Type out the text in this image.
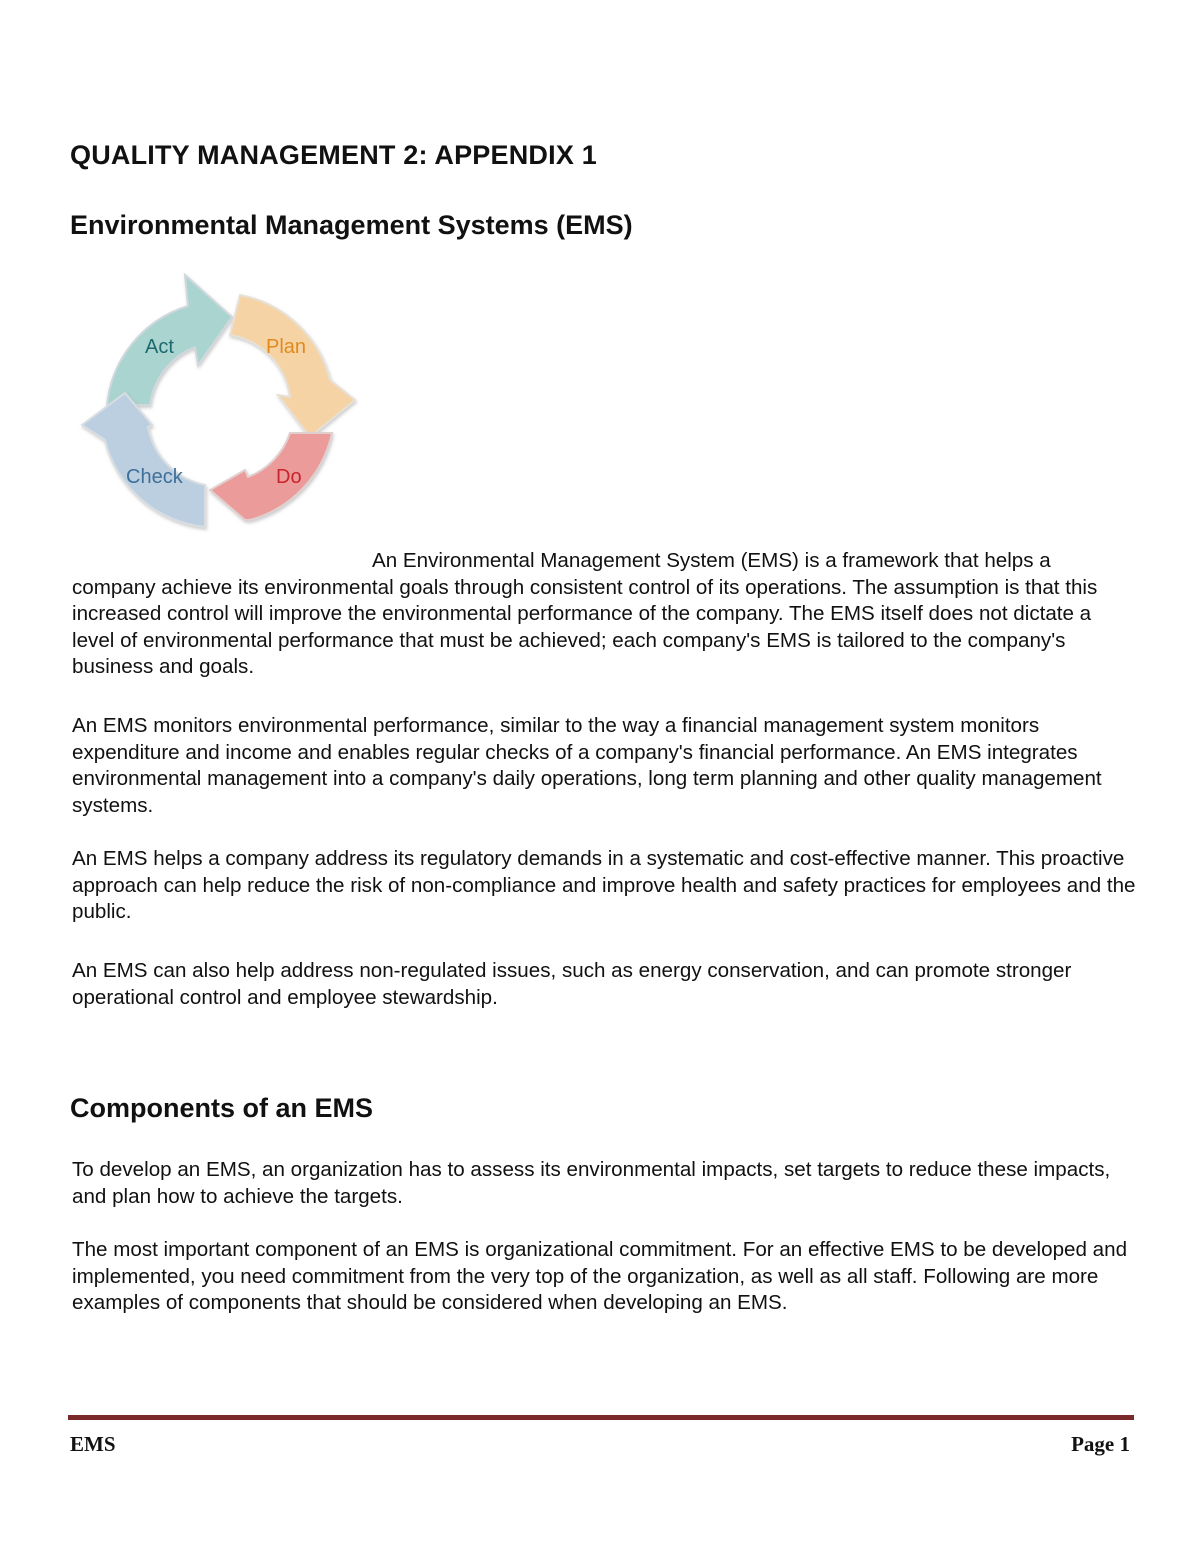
QUALITY MANAGEMENT 2: APPENDIX 1
Environmental Management Systems (EMS)
Act	Plan
Do
Check

An Environmental Management System (EMS) is a framework that helps a company achieve its environmental goals through consistent control of its operations. The assumption is that this increased control will improve the environmental performance of the company. The EMS itself does not dictate a level of environmental performance that must be achieved; each company's EMS is tailored to the company's business and goals.

An EMS monitors environmental performance, similar to the way a financial management system monitors expenditure and income and enables regular checks of a company's financial performance. An EMS integrates environmental management into a company's daily operations, long term planning and other quality management systems.

An EMS helps a company address its regulatory demands in a systematic and cost-effective manner. This proactive approach can help reduce the risk of non-compliance and improve health and safety practices for employees and the public.

An EMS can also help address non-regulated issues, such as energy conservation, and can promote stronger operational control and employee stewardship.

Components of an EMS

To develop an EMS, an organization has to assess its environmental impacts, set targets to reduce these impacts, and plan how to achieve the targets.

The most important component of an EMS is organizational commitment. For an effective EMS to be developed and implemented, you need commitment from the very top of the organization, as well as all staff. Following are more examples of components that should be considered when developing an EMS.

EMS	Page 1
